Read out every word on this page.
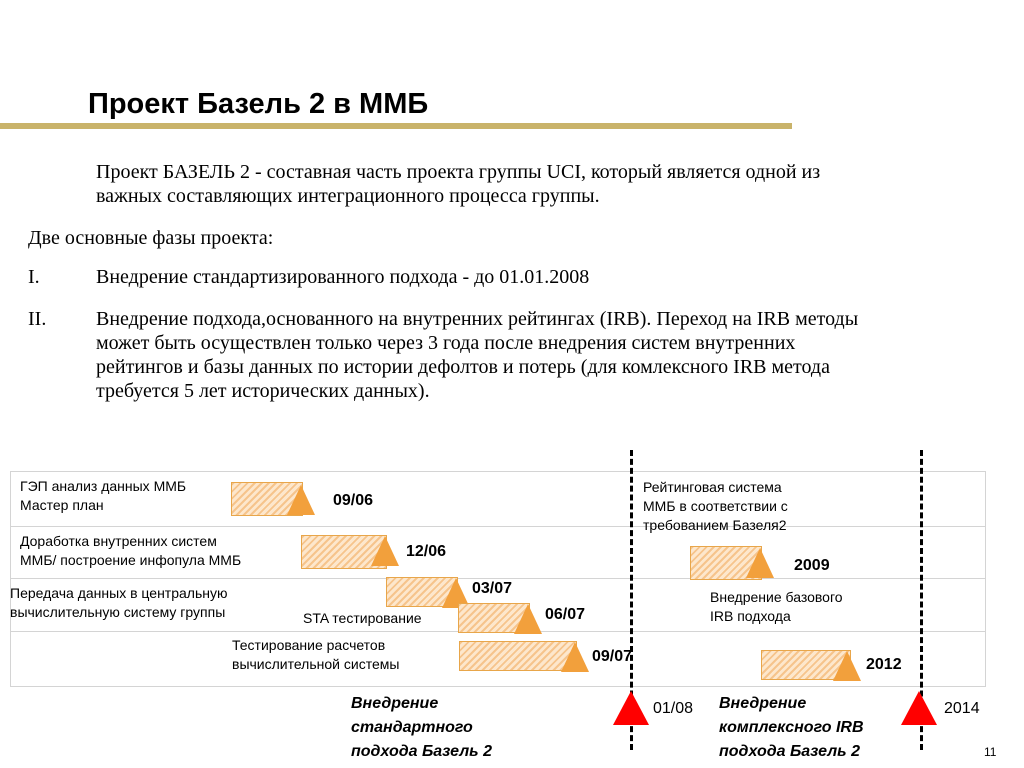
Проект Базель 2 в ММБ
Проект БАЗЕЛЬ 2 - составная часть проекта группы UCI, который является одной из
важных составляющих интеграционного процесса группы.
Две основные фазы проекта:
I.	Внедрение стандартизированного подхода - до 01.01.2008
II. Внедрение подхода,основанного на внутренних рейтингах (IRB). Переход на IRB методы
может быть осуществлен только через 3 года после внедрения систем внутренних
рейтингов и базы данных по истории дефолтов и потерь (для комлексного IRB метода
требуется 5 лет исторических данных).
ГЭП анализ данных ММБ
Мастер план	09/06
Доработка внутренних систем
ММБ/ построение инфопула ММБ	12/06
Передача данных в центральную
вычислительную систему группы
03/07
STA тестирование	06/07
Тестирование расчетов
вычислительной системы	09/07
Рейтинговая система
ММБ в соответствии с
требованием Базеля2
2009
Внедрение базового
IRB подхода
2012
Внедрение
стандартного
подхода Базель 2
01/08 Внедрение
комплексного IRB
подхода Базель 2
2014
11
